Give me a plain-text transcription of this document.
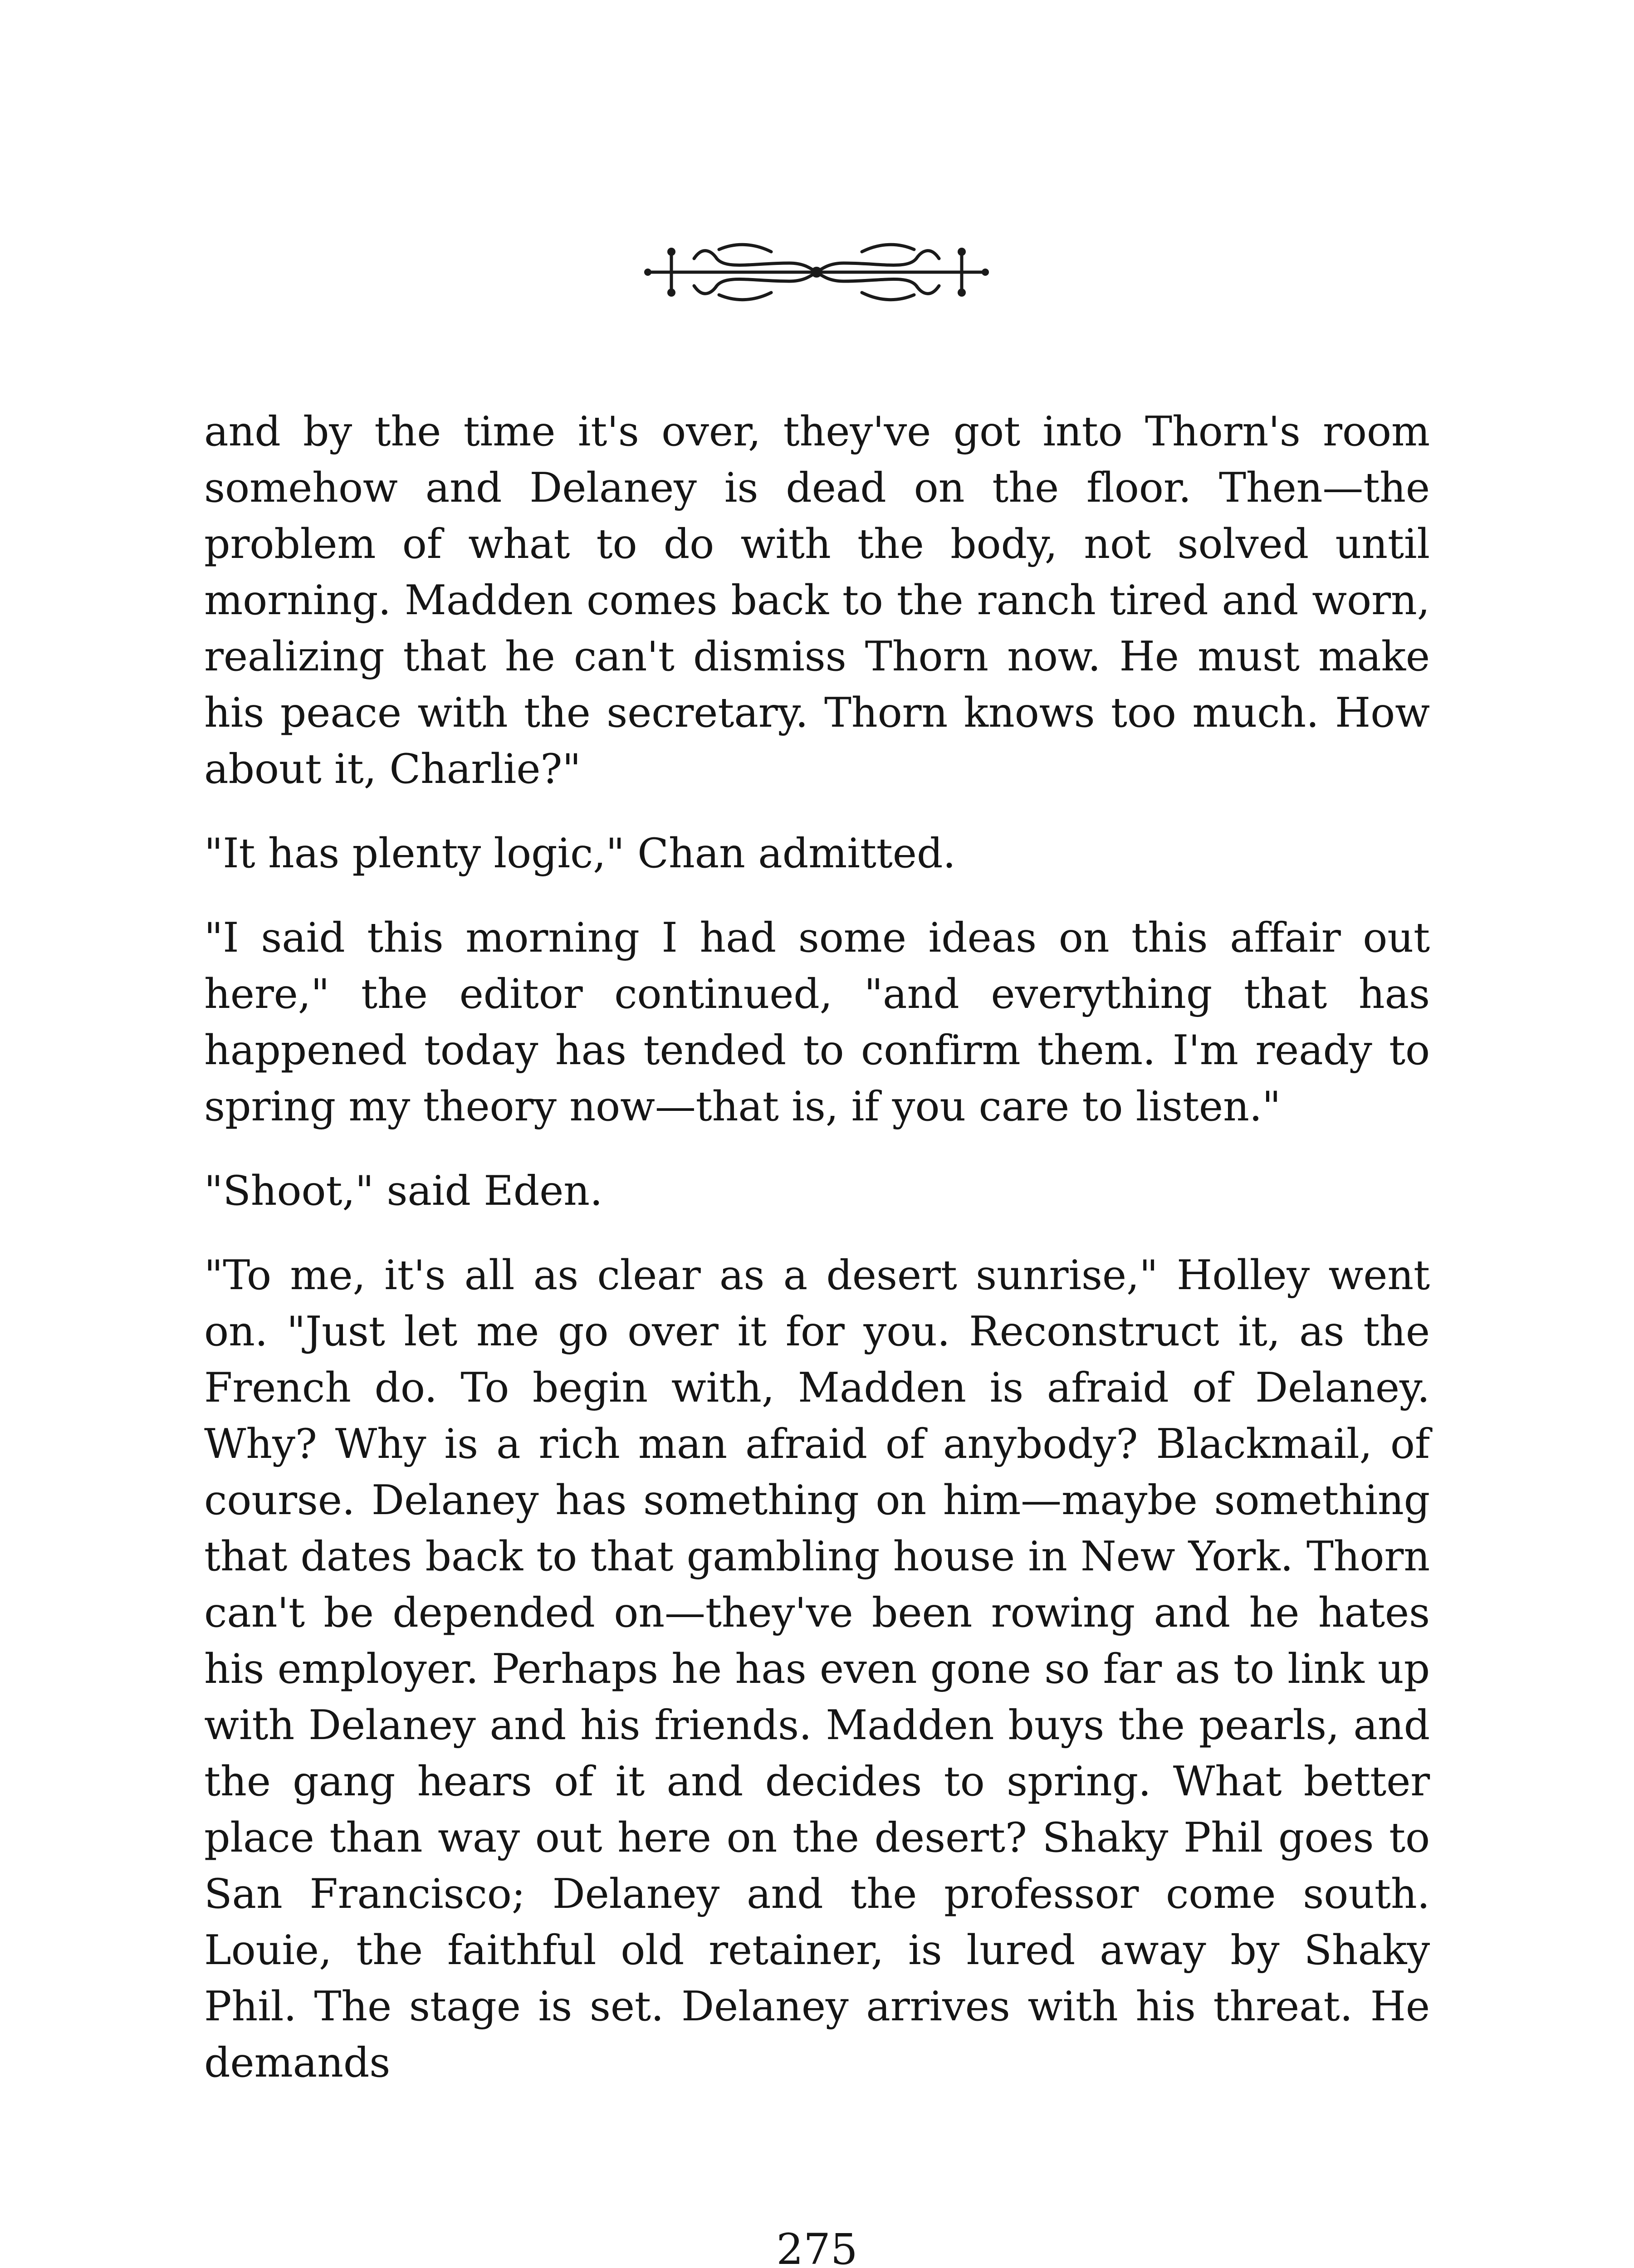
and by the time it's over, they've got into Thorn's room somehow and Delaney is dead on the floor. Then—the problem of what to do with the body, not solved until morning. Madden comes back to the ranch tired and worn, realizing that he can't dismiss Thorn now. He must make his peace with the secretary. Thorn knows too much. How about it, Charlie?"

"It has plenty logic," Chan admitted.

"I said this morning I had some ideas on this affair out here," the editor continued, "and everything that has happened today has tended to confirm them. I'm ready to spring my theory now—that is, if you care to listen."

"Shoot," said Eden.

"To me, it's all as clear as a desert sunrise," Holley went on. "Just let me go over it for you. Reconstruct it, as the French do. To begin with, Madden is afraid of Delaney. Why? Why is a rich man afraid of anybody? Blackmail, of course. Delaney has something on him—maybe something that dates back to that gambling house in New York. Thorn can't be depended on—they've been rowing and he hates his employer. Perhaps he has even gone so far as to link up with Delaney and his friends. Madden buys the pearls, and the gang hears of it and decides to spring. What better place than way out here on the desert? Shaky Phil goes to San Francisco; Delaney and the professor come south. Louie, the faithful old retainer, is lured away by Shaky Phil. The stage is set. Delaney arrives with his threat. He demands

275
